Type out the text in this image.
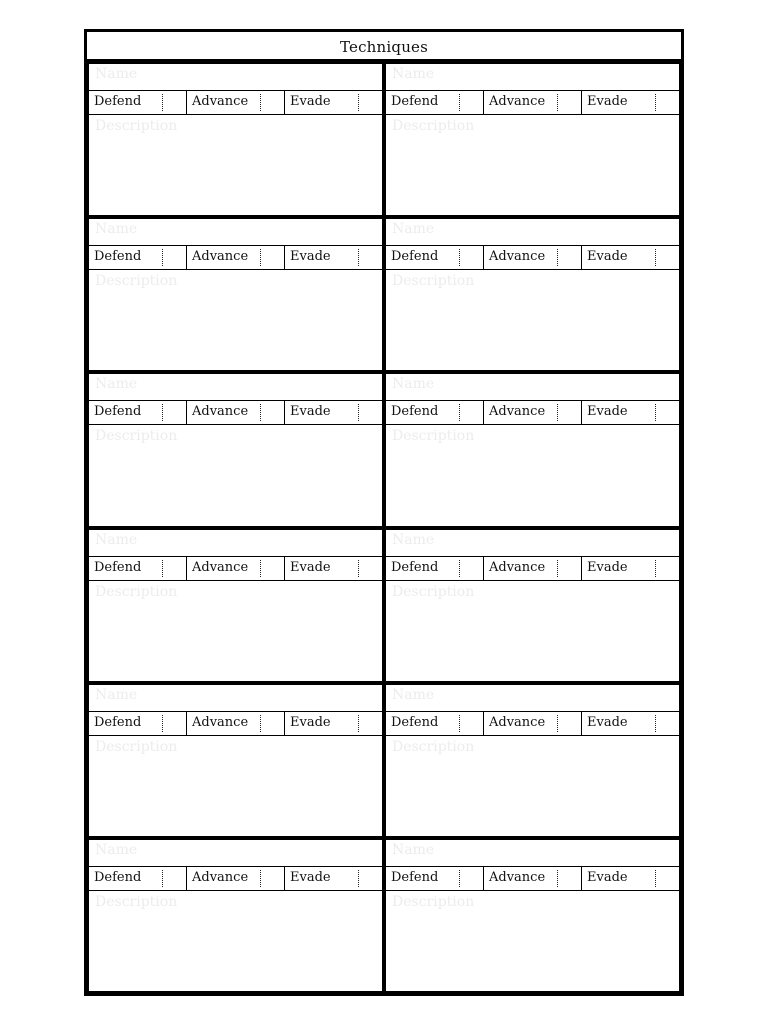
Techniques
Name
Defend	Advance	Evade
Description
Name
Defend	Advance	Evade
Description
Name
Defend	Advance	Evade
Description
Name
Defend	Advance	Evade
Description
Name
Defend	Advance	Evade
Description
Name
Defend	Advance	Evade
Description
Name
Defend	Advance	Evade
Description
Name
Defend	Advance	Evade
Description
Name
Defend	Advance	Evade
Description
Name
Defend	Advance	Evade
Description
Name
Defend	Advance	Evade
Description
Name
Defend	Advance	Evade
Description
